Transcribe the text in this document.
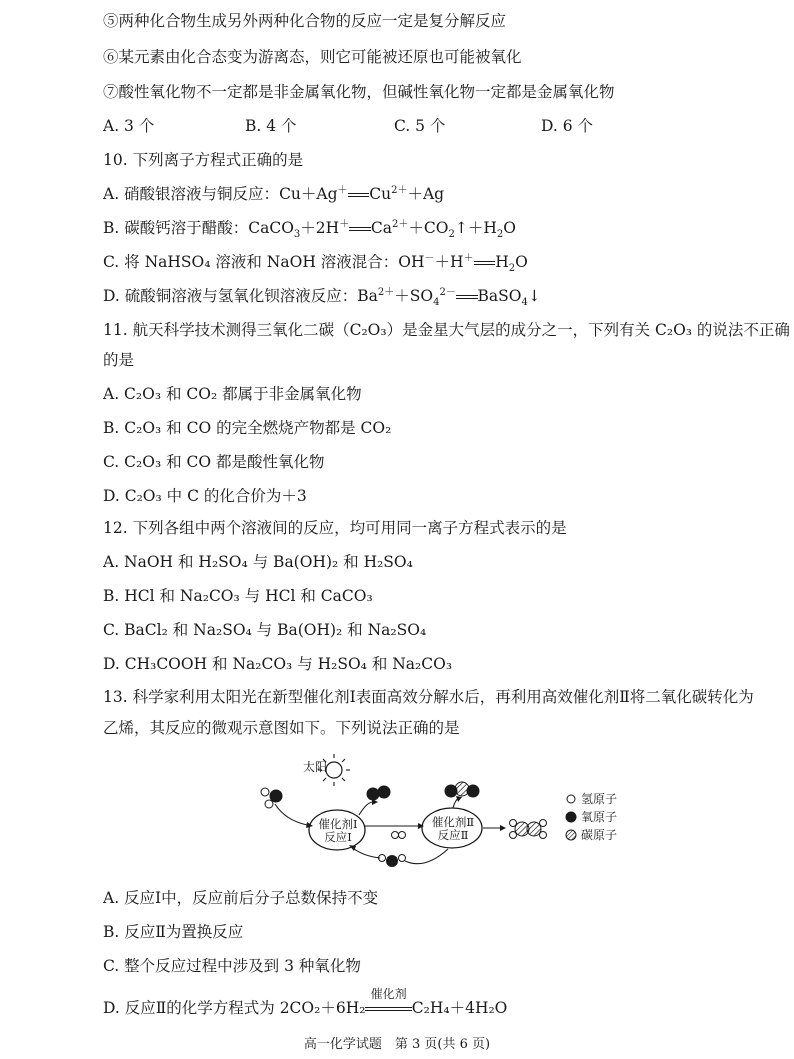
⑤两种化合物生成另外两种化合物的反应一定是复分解反应
⑥某元素由化合态变为游离态，则它可能被还原也可能被氧化
⑦酸性氧化物不一定都是非金属氧化物，但碱性氧化物一定都是金属氧化物
A. 3 个	B. 4 个	C. 5 个	D. 6 个
10. 下列离子方程式正确的是
A. 硝酸银溶液与铜反应：Cu＋Ag＋ $Cu^{2+}+Ag$
B. 碳酸钙溶于醋酸：CaCO$_3$＋2H＋ $Ca^{2+}+CO_2↑+H_2O$
C. 将 NaHSO₄ 溶液和 NaOH 溶液混合：OH－＋H＋ $H_2O$
D. 硫酸铜溶液与氢氧化钡溶液反应：$Ba^{2+}+SO_4^{2-}$ BaSO$_4$↓
11. 航天科学技术测得三氧化二碳（C₂O₃）是金星大气层的成分之一，下列有关 C₂O₃ 的说法不正确
的是
A. C₂O₃ 和 CO₂ 都属于非金属氧化物
B. C₂O₃ 和 CO 的完全燃烧产物都是 CO₂
C. C₂O₃ 和 CO 都是酸性氧化物
D. C₂O₃ 中 C 的化合价为＋3
12. 下列各组中两个溶液间的反应，均可用同一离子方程式表示的是
A. NaOH 和 H₂SO₄ 与 Ba(OH)₂ 和 H₂SO₄
B. HCl 和 Na₂CO₃ 与 HCl 和 CaCO₃
C. BaCl₂ 和 Na₂SO₄ 与 Ba(OH)₂ 和 Na₂SO₄
D. CH₃COOH 和 Na₂CO₃ 与 H₂SO₄ 和 Na₂CO₃
13. 科学家利用太阳光在新型催化剂Ⅰ表面高效分解水后，再利用高效催化剂Ⅱ将二氧化碳转化为
乙烯，其反应的微观示意图如下。下列说法正确的是
太阳
催化剂Ⅰ
反应Ⅰ
催化剂Ⅱ
反应Ⅱ
氢原子
氧原子
碳原子
A. 反应Ⅰ中，反应前后分子总数保持不变
B. 反应Ⅱ为置换反应
C. 整个反应过程中涉及到 3 种氧化物
D. 反应Ⅱ的化学方程式为 2CO₂＋6H₂
催化剂
C₂H₄＋4H₂O
高一化学试题　第 3 页(共 6 页)
